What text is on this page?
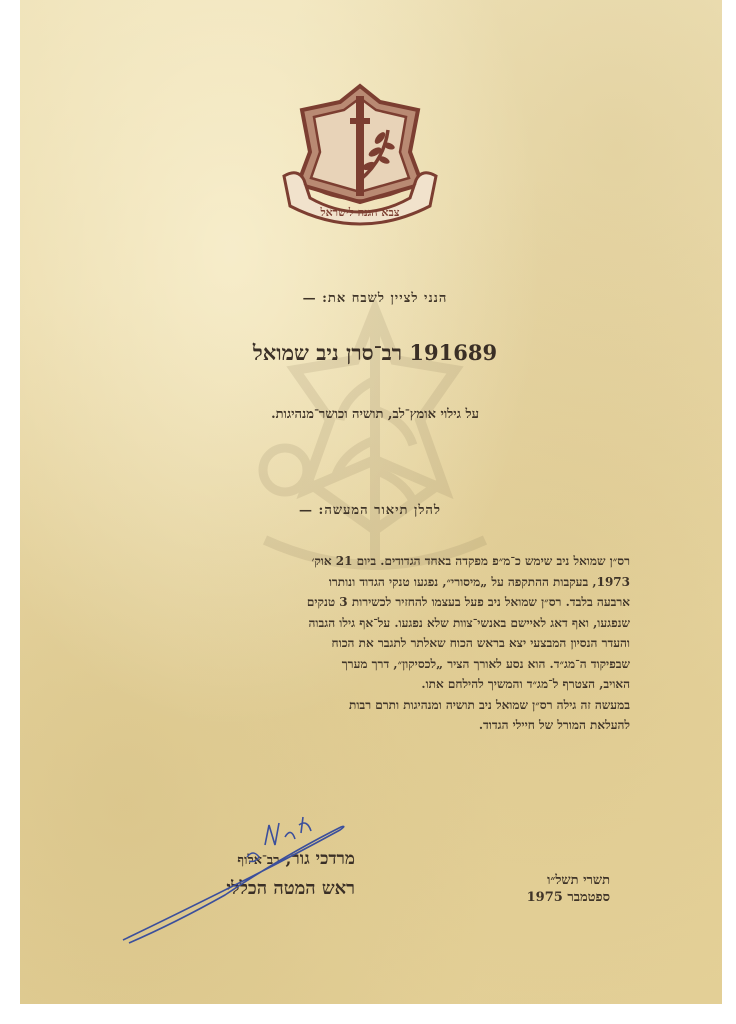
צבא הגנה לישראל

הנני לציין לשבח את: —

191689 רב־סרן ניב שמואל

על גילוי אומץ־לב, תושיה וכושר־מנהיגות.

להלן תיאור המעשה: —

רס״ן שמואל ניב שימש כ־מ״פ מפקדה באחד הגדודים. ביום 21 אוק׳

1973, בעקבות ההתקפה על „מיסורי״, נפגעו טנקי הגדוד ונותרו

ארבעה בלבד. רס״ן שמואל ניב פעל בעצמו להחזיר לכשירות 3 טנקים

שנפגעו, ואף דאג לאיישם באנשי־צוות שלא נפגעו. על־אף גילו הגבוה

והעדר הנסיון המבצעי יצא בראש הכוח שאלתר לתגבר את הכוח

שבפיקוד ה־מג״ד. הוא נסע לאורך הציר „לכסיקון״, דרך מערך

האויב, הצטרף ל־מג״ד והמשיך להילחם אתו.

במעשה זה גילה רס״ן שמואל ניב תושיה ומנהיגות ותרם רבות

להעלאת המורל של חיילי הגדוד.

מרדכי גור, רב־אלוף

ראש המטה הכללי	תשרי תשל״ו

ספטמבר 1975
